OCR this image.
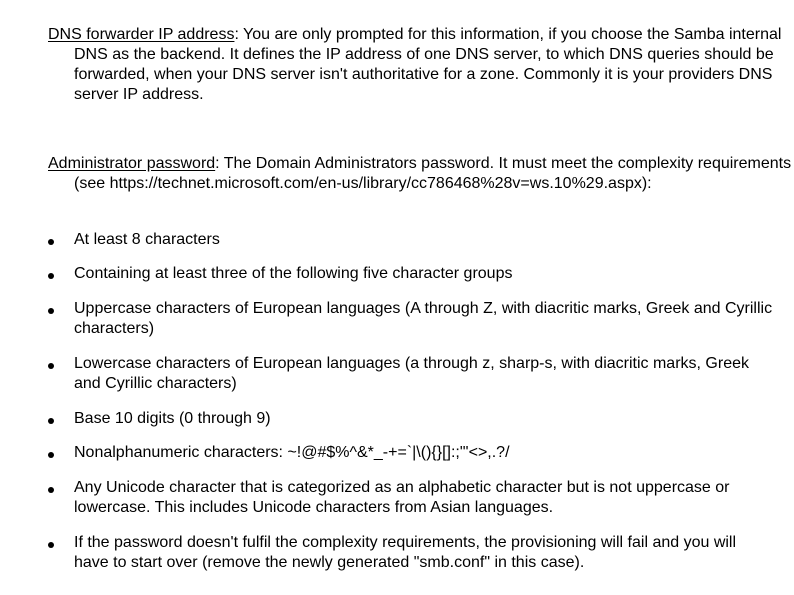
DNS forwarder IP address: You are only prompted for this information, if you choose the Samba internal DNS as the backend. It defines the IP address of one DNS server, to which DNS queries should be forwarded, when your DNS server isn't authoritative for a zone. Commonly it is your providers DNS server IP address.

Administrator password: The Domain Administrators password. It must meet the complexity requirements (see https://technet.microsoft.com/en-us/library/cc786468%28v=ws.10%29.aspx):

At least 8 characters
Containing at least three of the following five character groups
Uppercase characters of European languages (A through Z, with diacritic marks, Greek and Cyrillic characters)
Lowercase characters of European languages (a through z, sharp-s, with diacritic marks, Greek and Cyrillic characters)
Base 10 digits (0 through 9)
Nonalphanumeric characters: ~!@#$%^&*_-+=`|\(){}[]:;"'<>,.?/
Any Unicode character that is categorized as an alphabetic character but is not uppercase or lowercase. This includes Unicode characters from Asian languages.
If the password doesn't fulfil the complexity requirements, the provisioning will fail and you will have to start over (remove the newly generated "smb.conf" in this case).
